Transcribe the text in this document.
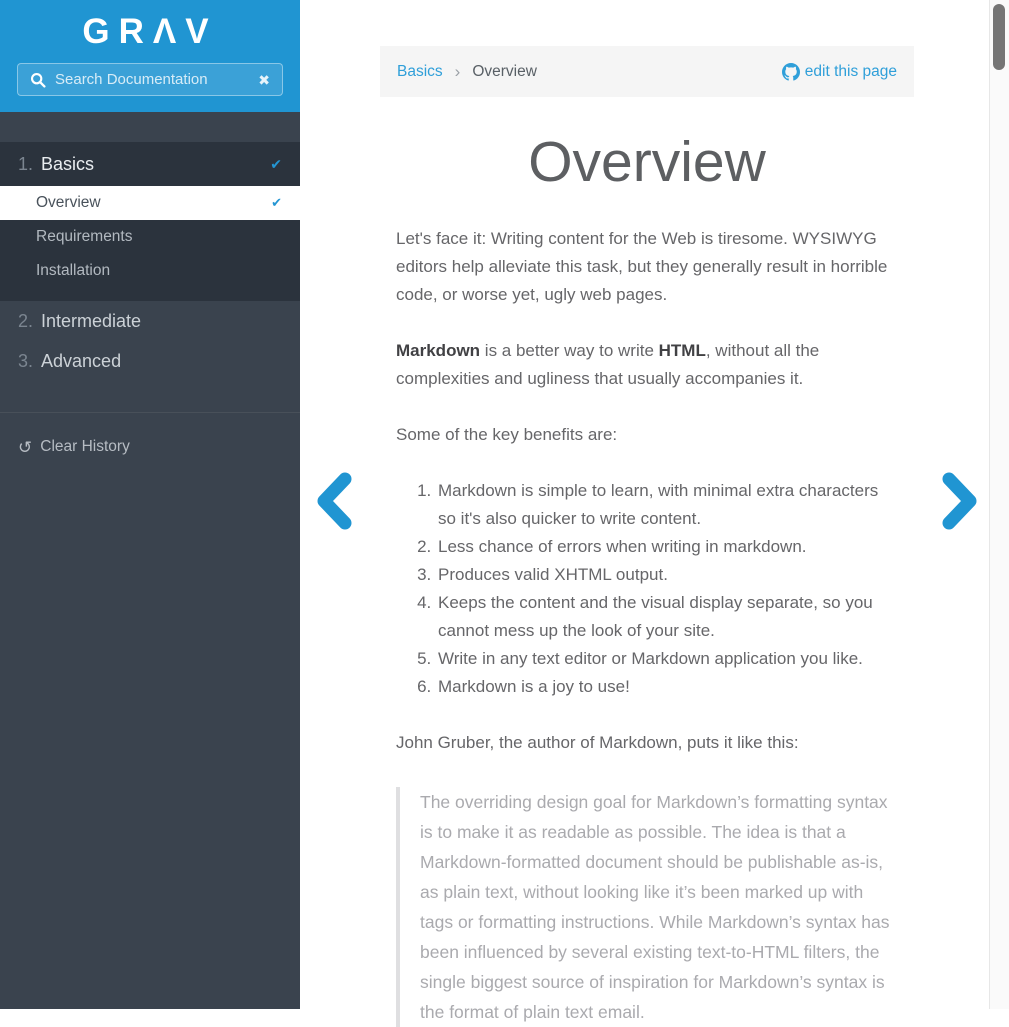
GRΛV
Search Documentation
✖
1. Basics	✔
Overview	✔
Requirements
Installation
2. Intermediate
3. Advanced
↺ Clear History
Basics › Overview	edit this page
Overview

Let's face it: Writing content for the Web is tiresome. WYSIWYG editors help alleviate this task, but they generally result in horrible code, or worse yet, ugly web pages.

Markdown is a better way to write HTML, without all the complexities and ugliness that usually accompanies it.

Some of the key benefits are:

1. Markdown is simple to learn, with minimal extra characters so it's also quicker to write content.
2. Less chance of errors when writing in markdown.
3. Produces valid XHTML output.
4. Keeps the content and the visual display separate, so you cannot mess up the look of your site.
5. Write in any text editor or Markdown application you like.
6. Markdown is a joy to use!

John Gruber, the author of Markdown, puts it like this:

The overriding design goal for Markdown’s formatting syntax is to make it as readable as possible. The idea is that a Markdown-formatted document should be publishable as-is, as plain text, without looking like it’s been marked up with tags or formatting instructions. While Markdown’s syntax has been influenced by several existing text-to-HTML filters, the single biggest source of inspiration for Markdown’s syntax is the format of plain text email.
